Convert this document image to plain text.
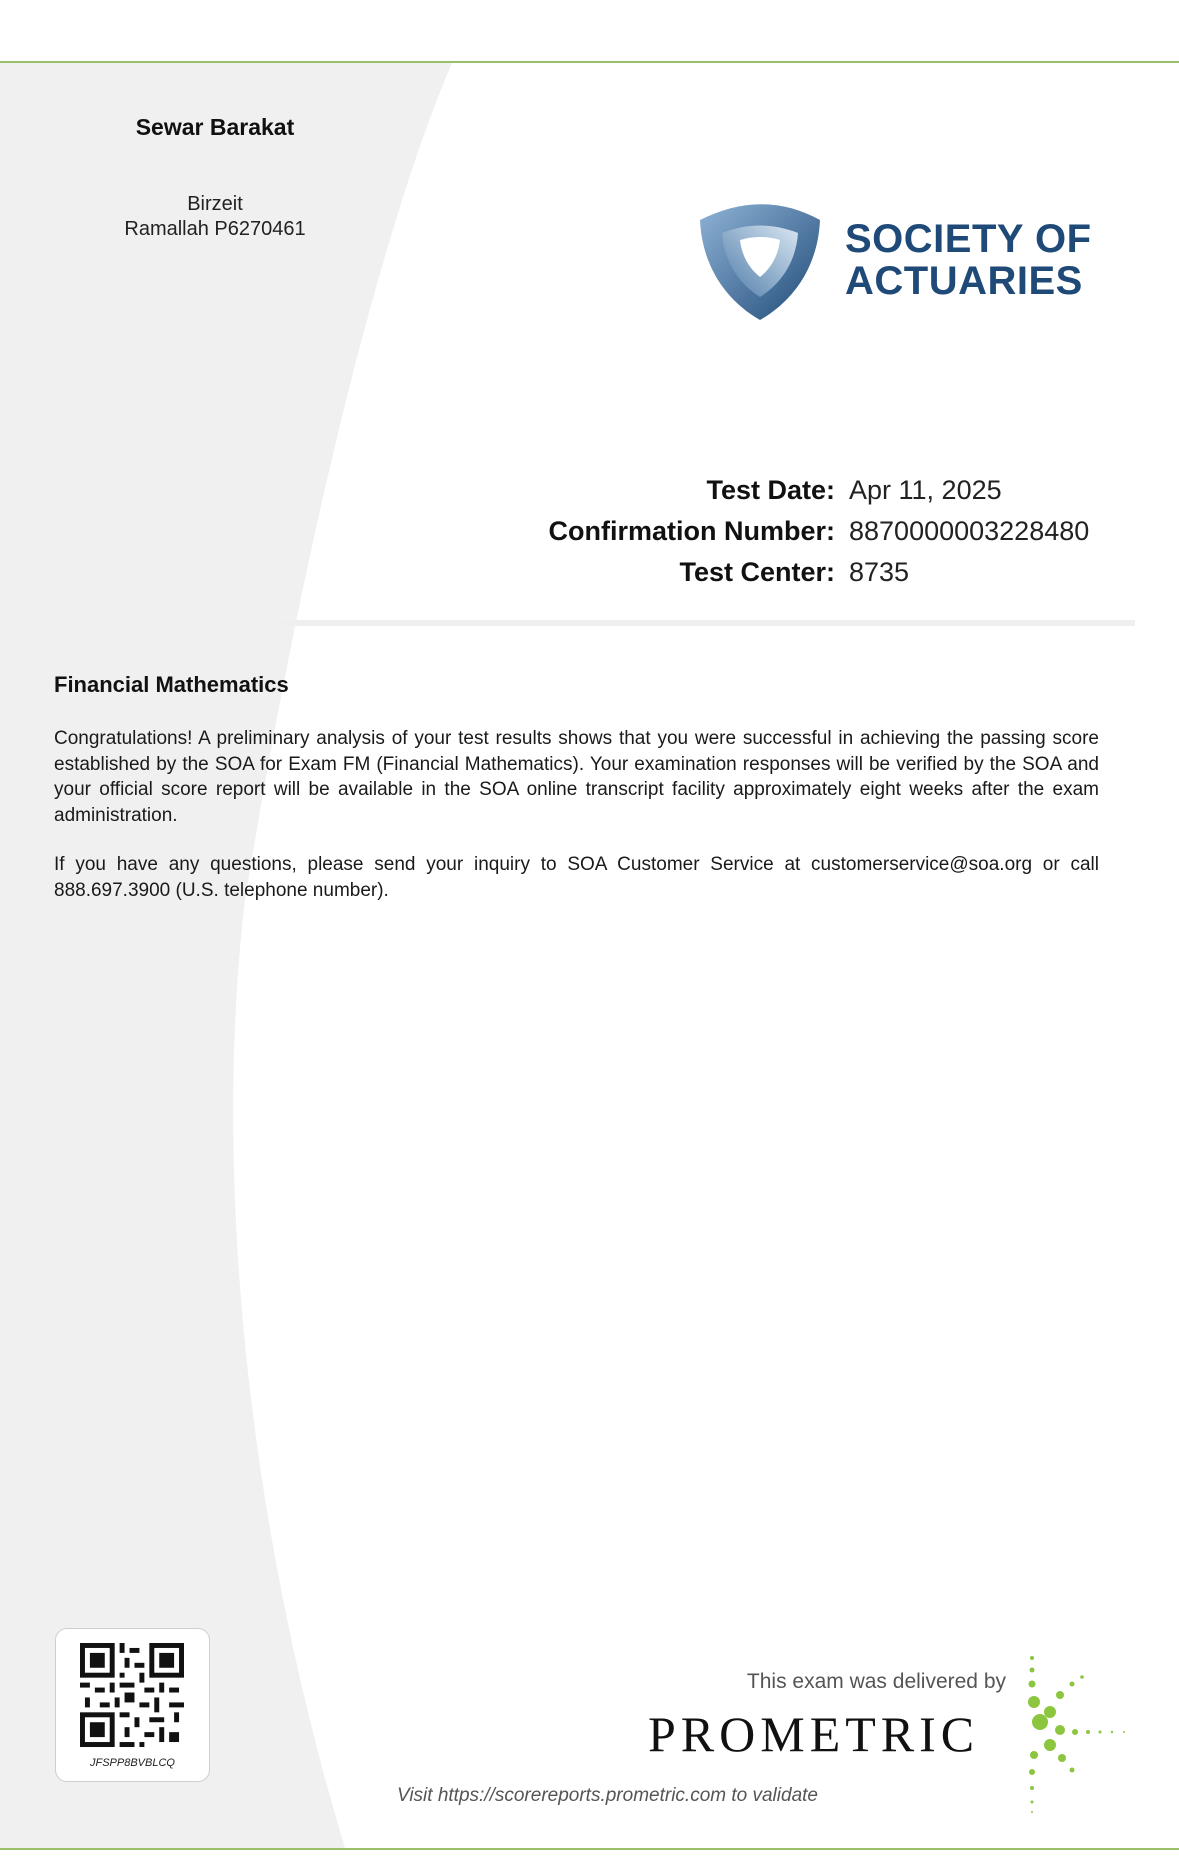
Sewar Barakat
Birzeit
Ramallah P6270461	SOCIETY OF
ACTUARIES
Test Date: Apr 11, 2025
Confirmation Number: 8870000003228480
Test Center: 8735
Financial Mathematics

Congratulations! A preliminary analysis of your test results shows that you were successful in achieving the passing score established by the SOA for Exam FM (Financial Mathematics). Your examination responses will be verified by the SOA and your official score report will be available in the SOA online transcript facility approximately eight weeks after the exam administration.

If you have any questions, please send your inquiry to SOA Customer Service at customerservice@soa.org or call 888.697.3900 (U.S. telephone number).

JFSPP8BVBLCQ
This exam was delivered by
PROMETRIC
Visit https://scorereports.prometric.com to validate
